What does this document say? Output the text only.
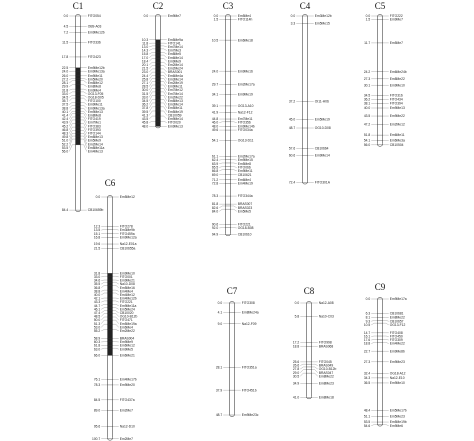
C1
0.0	FITO054
4.5	OB9-A03
7.2	Em9Me12b
11.5	FITO336
17.8	FITO423
22.5	Em9Me12b
24.0	Em9Me13a
26.0	Em9Me11
27.2	Em5Me20
28.1	Em8Me12
29.9	Em8Me8
31.8	Em9Me4
33.0	OG13-F05
34.5	OG18-D05
35.7	FITO100
37.5	Em9Me11
38.8	Em9Me13a
40.1	Em9Me13
41.4	Em8Me8
42.4	FITO419
43.9	Em7Me1
45.2	FITO383
46.8	FITO393
48.3	FITO144
49.8	Em8Me13
51.0	Em5Me9
52.2	Em2Me14
53.5	Em8Me11a
56.0	Em4Me13
84.4	CB10659b
C2
0.0	Em9Me7
10.3	Em5Me9a
11.8	FITO141
13.0	Em7Me14
14.3	Em7Me3
15.8	Em8Me5
17.0	Em6Me14
18.4	Em9Me9
20.1	Em2Me14
21.5	Em2Me24
23.0	BRAS001
24.4	Em6Me4a
25.8	Em3Me14
27.1	Em2Me19
28.5	Em9Me11
30.0	Em7Me12
31.5	Em7Me14
33.0	Em2Me22
34.5	Em8Me13
36.2	Em3Me14
37.8	Em5Me11
39.5	Em5Me19
41.3	CB10059
43.5	Em9Me14
45.8	FITO020
48.0	Em9Me13
C3
0.0	Em5Me4
1.5	FITO114h
10.5	Em6Me18
24.0	Em9Me16
29.7	Em2Me17a
34.1	Em9Me19
39.1	OG13-A10
41.9	Na12-F12
44.8	Em7Me11
46.0	FITO356
48.0	Em9Me14b
49.6	FITO034a
54.1	OG13-D11
61.1	Em2Me17a
62.4	Em9Me15
63.9	Em5Me8
65.5	FITO066
66.8	Em9Me11
69.0	CB10621
71.2	Em6Me4
72.8	Em4Me19
78.3	FITO344a
81.8	BRAS007
82.6	BRAS023
84.0	Em5Me5
90.6	FITO221
92.0	OG18-B08
94.9	CB10610
C4
0.0	Em3Me12b
3.3	Em5Me15
37.2	OI11-H06
45.0	Em5Me19
48.7	OG10-D08
57.6	CB10664
60.6	Em9Me14
72.4	FITO301A
C5
0.0	FITO222
1.5	Em9Me7
11.7	Em5Me7
24.2	Em6Me24b
27.3	Em8Me22
30.1	Em9Me10
34.5	FITO316
36.2	FITO434
38.1	FITO394
40.0	Em9Me13
43.5	Em9Me22
47.2	Em2Me12
51.8	Em6Me11
54.1	Em6Me3a
56.0	CB10504
C6
0.0	Em5Me12
12.3	FITO278
13.5	Em3Me9b
15.1	FITO459a
16.8	Em9Me12a
19.6	Na12-E01a
21.5	CB10655a
31.8	Em9Me10
33.0	FITO001
34.6	Em9Me21
35.5	Na10-D08
36.8	Em5Me16
38.8	Em4Me4
40.0	Em4Me12
42.1	Em4Me12b
43.3	FITO221
44.7	Em9Me11a
46.1	Em5Me24
47.4	CB10020
48.5	OG10-B12b
50.0	FITO471
51.3	Em5Me19a
53.0	Em6Me4
55.2	Em2Me22
58.9	BRAS004
60.3	Em9Me9
61.8	Em6Me12
63.0	Em9Me5
66.0	Em6Me21
76.1	Em4Me17b
78.3	Em9Me20
84.5	FITO437a
89.0	Em2Me7
95.6	Na12-D10
100.7	Em2Me7
C7
0.0	FITO308
4.1	Em8Me24a
9.0	Na12-F09
28.1	FITO351a
37.9	FITO451b
48.7	Em9Me23c
C8
0.0	Na12-A08
5.8	Na10-C03
17.2	FITO998
18.8	BRAS068
25.6	FITO045
26.6	BRAS049
27.8	OG10-B12b
29.0	BRAS047
30.5	Em8Me22
34.9	Em8Me23
41.0	Em8Me18
C9
0.0	Em9Me17a
6.3	CB10681
8.1	Em8Me22
9.3	CB10657
10.5	OG13-F12
14.7	FITO408
16.1	FITO450
17.6	FITO309
18.8	Em4Me22
22.7	Em9Me8b
27.3	Em9Me23
32.4	OG18-A12
34.3	Na12-E10
36.5	Em9Me10
48.4	Em5Me17b
51.1	Em5Me23
53.5	Em5Me19b
54.6	Em9Me6
